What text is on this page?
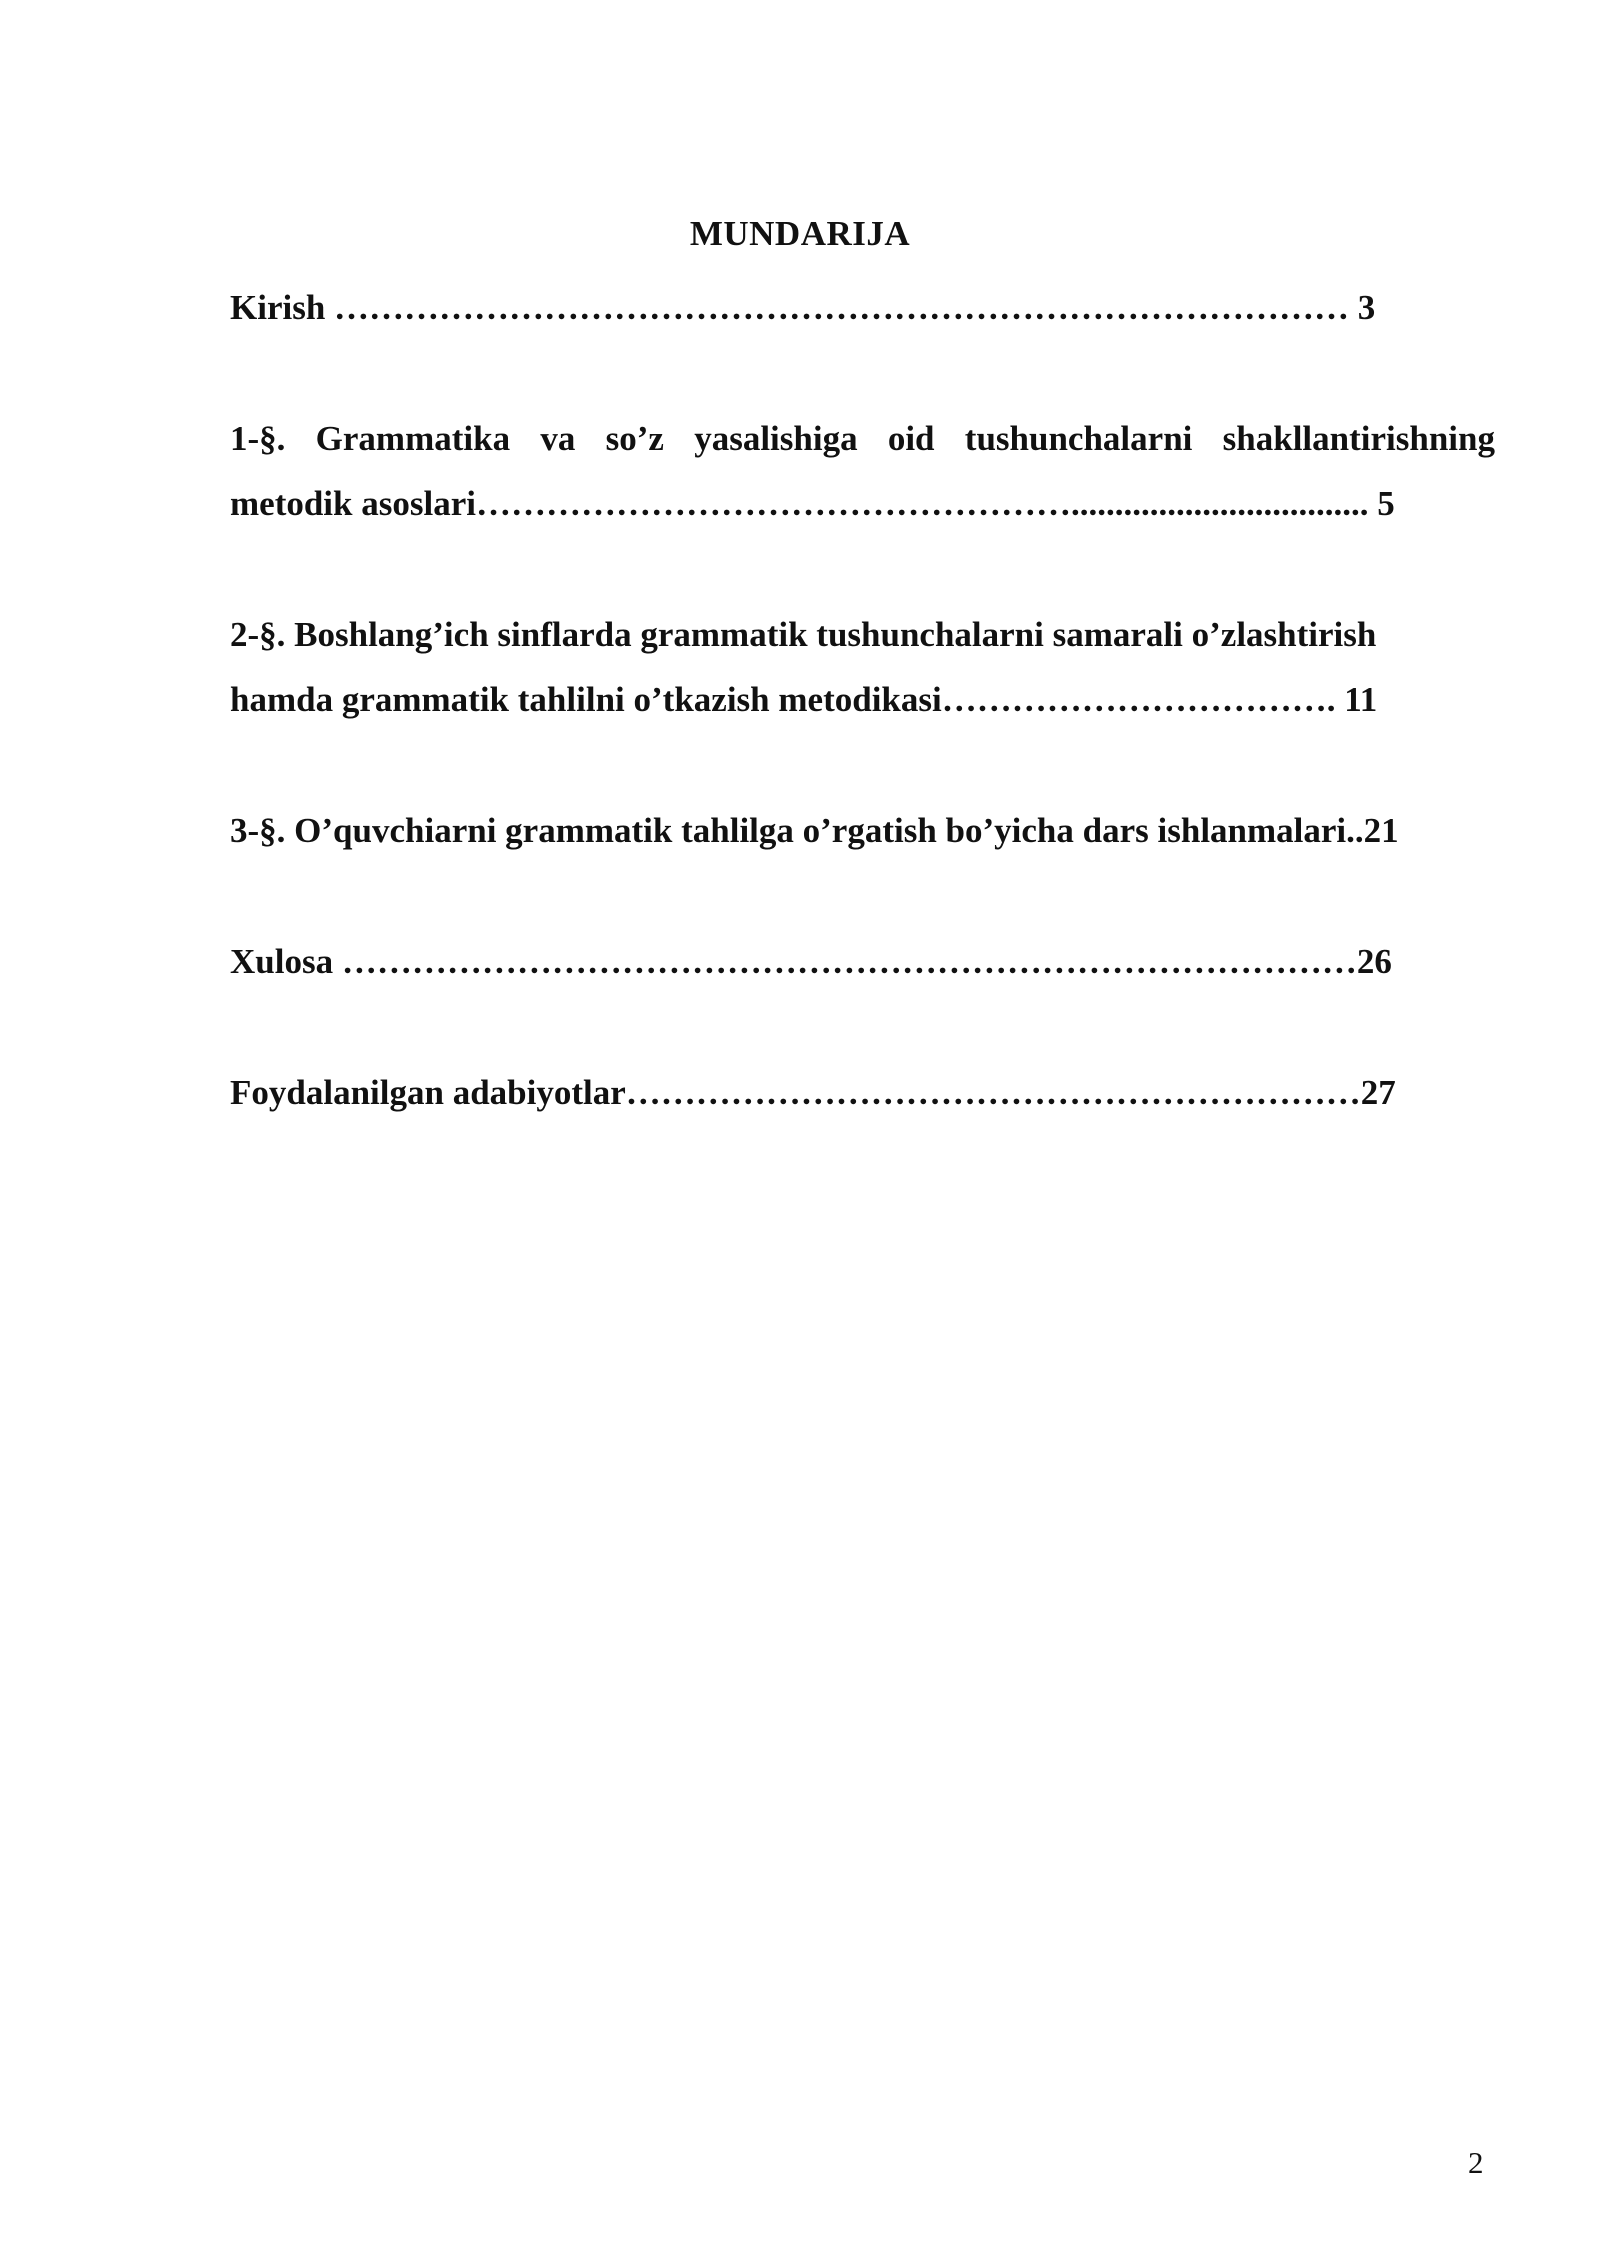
MUNDARIJA
Kirish …………………………………………………………………………… 3
1-§. Grammatika va so’z yasalishiga oid tushunchalarni shakllantirishning
metodik asoslari…………………………………………….................................. 5
2-§. Boshlang’ich sinflarda grammatik tushunchalarni samarali o’zlashtirish
hamda grammatik tahlilni o’tkazish metodikasi……………………………. 11
3-§. O’quvchiarni grammatik tahlilga o’rgatish bo’yicha dars ishlanmalari..21
Xulosa ……………………………………………………………………………26
Foydalanilgan adabiyotlar………………………………………………………27
2
